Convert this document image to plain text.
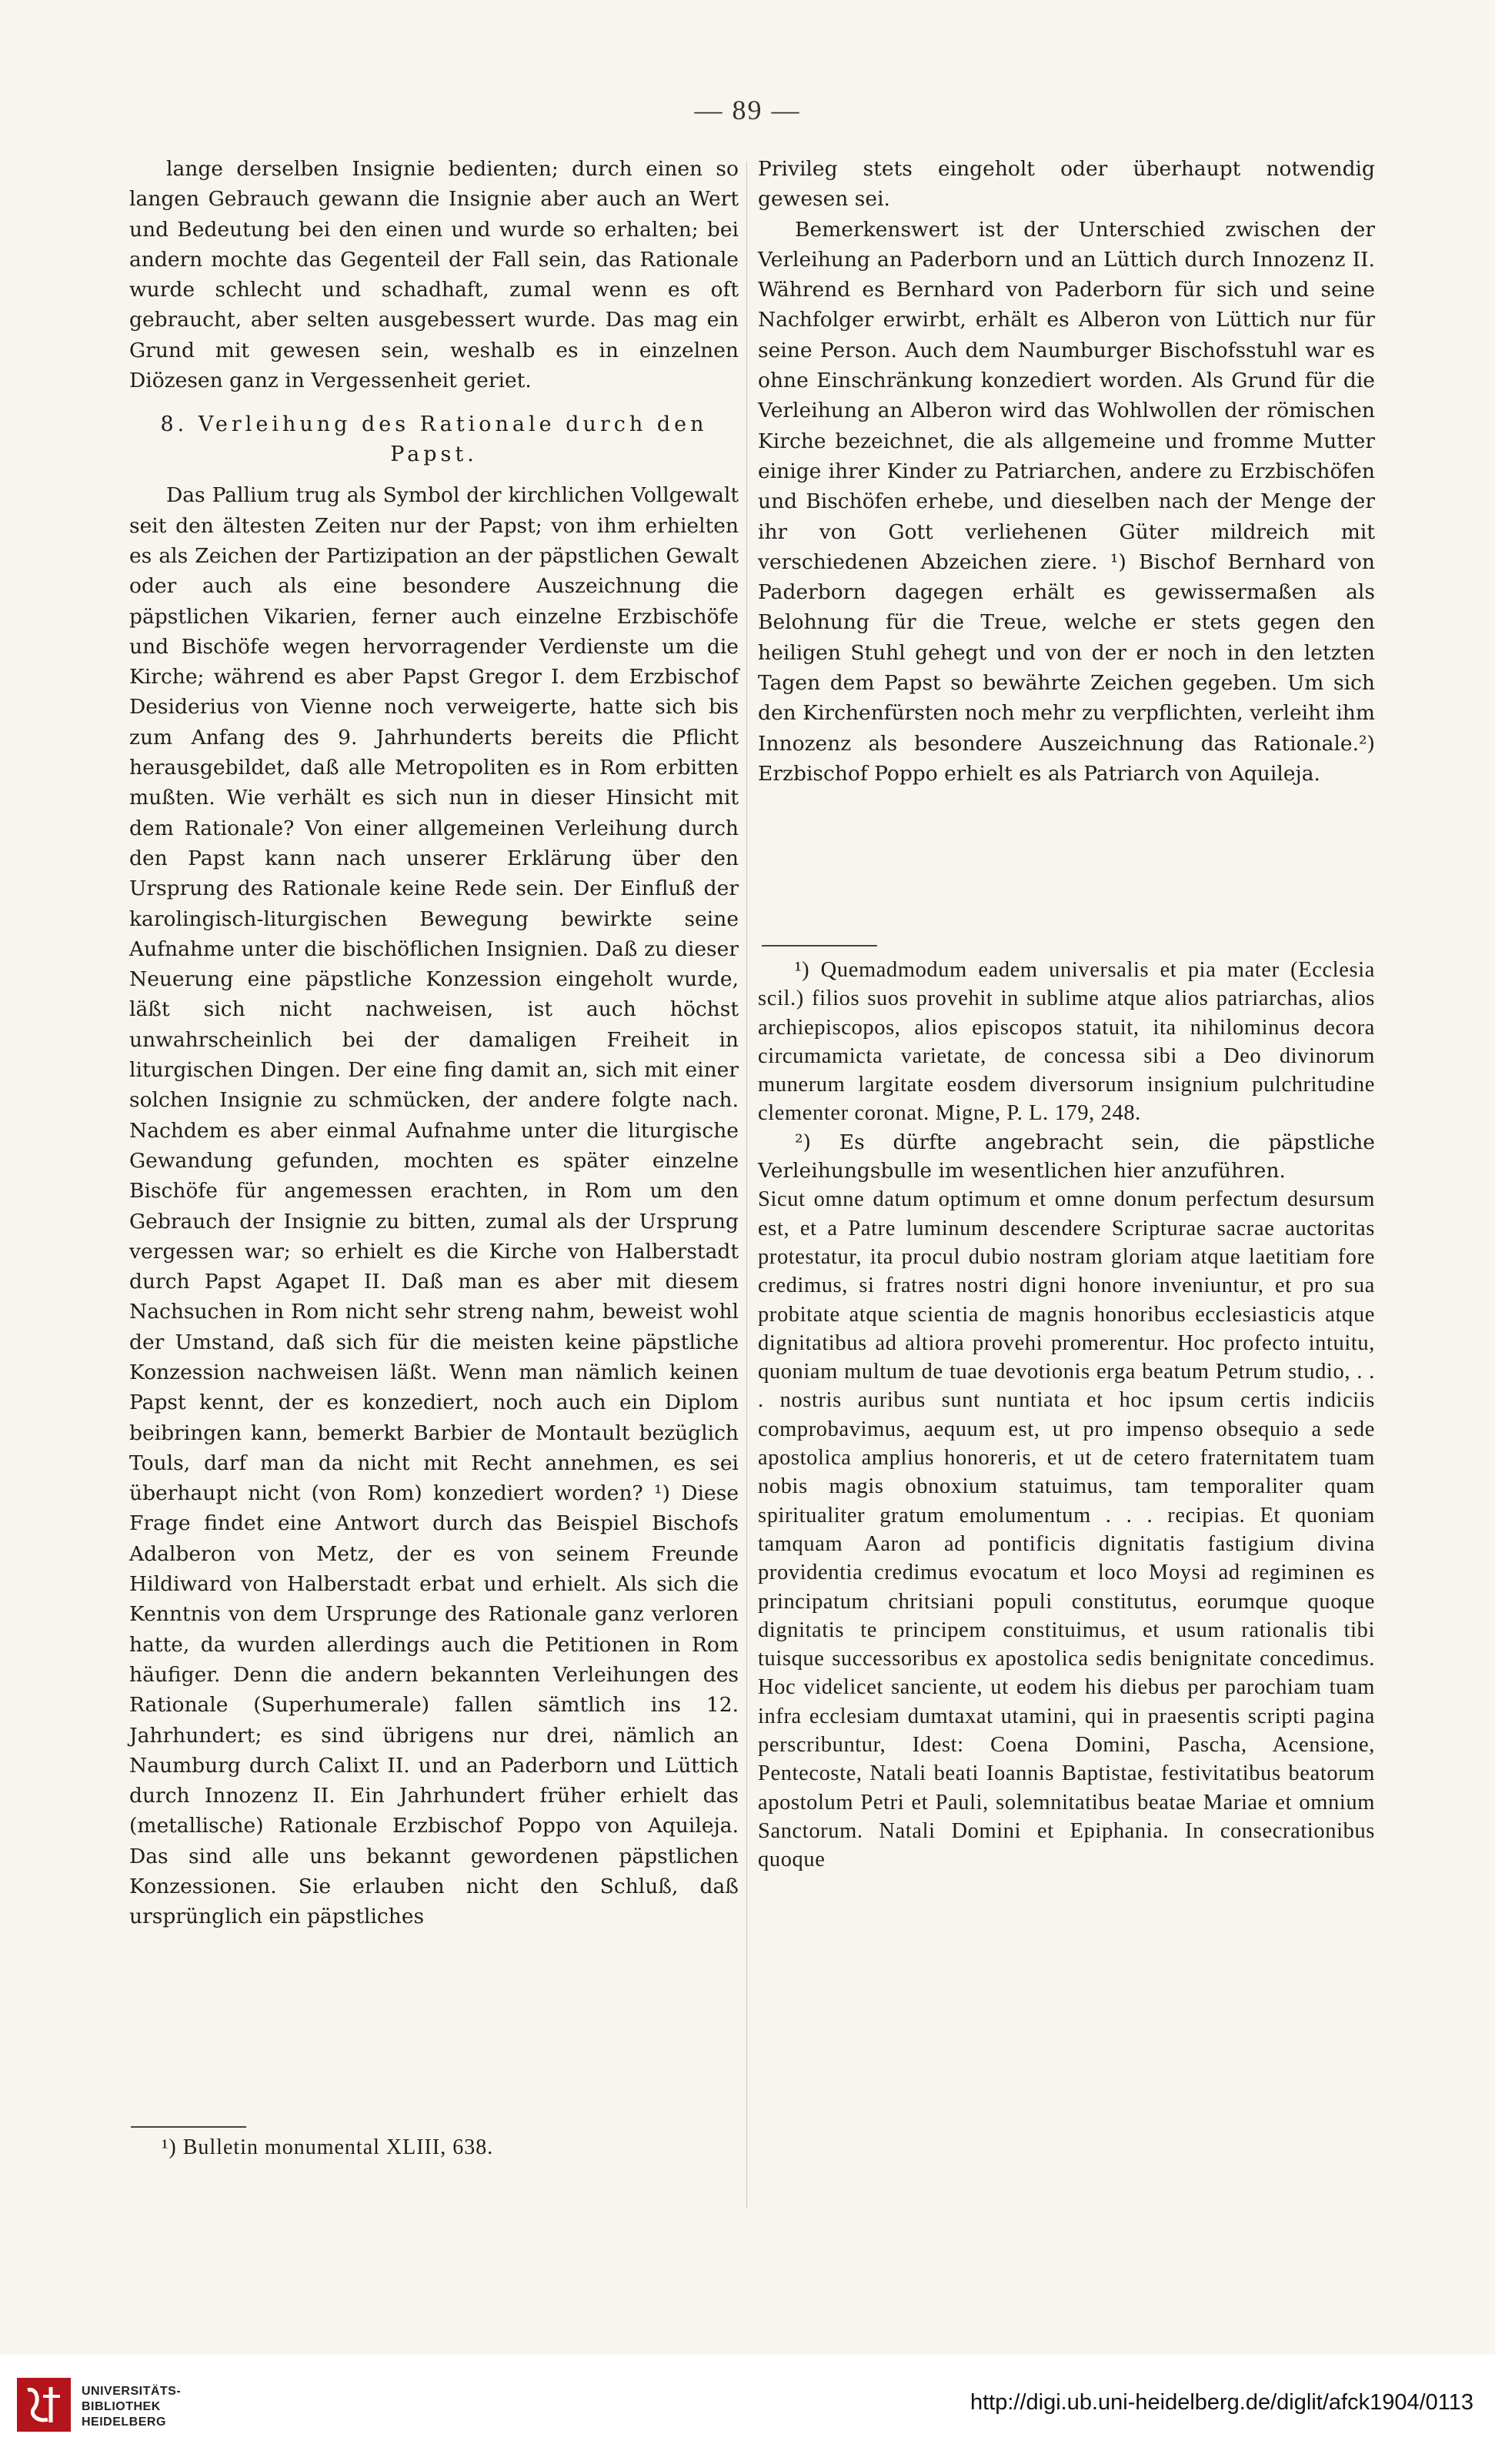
— 89 —

lange derselben Insignie bedienten; durch einen so langen Gebrauch gewann die Insignie aber auch an Wert und Bedeutung bei den einen und wurde so erhalten; bei andern mochte das Gegenteil der Fall sein, das Rationale wurde schlecht und schadhaft, zumal wenn es oft gebraucht, aber selten ausgebessert wurde. Das mag ein Grund mit gewesen sein, weshalb es in einzelnen Diözesen ganz in Vergessenheit geriet.

8. Verleihung des Rationale durch den Papst.

Das Pallium trug als Symbol der kirchlichen Vollgewalt seit den ältesten Zeiten nur der Papst; von ihm erhielten es als Zeichen der Partizipation an der päpstlichen Gewalt oder auch als eine besondere Auszeichnung die päpstlichen Vikarien, ferner auch einzelne Erzbischöfe und Bischöfe wegen hervorragender Verdienste um die Kirche; während es aber Papst Gregor I. dem Erzbischof Desiderius von Vienne noch verweigerte, hatte sich bis zum Anfang des 9. Jahrhunderts bereits die Pflicht herausgebildet, daß alle Metropoliten es in Rom erbitten mußten. Wie verhält es sich nun in dieser Hinsicht mit dem Rationale? Von einer allgemeinen Verleihung durch den Papst kann nach unserer Erklärung über den Ursprung des Rationale keine Rede sein. Der Einfluß der karolingisch-liturgischen Bewegung bewirkte seine Aufnahme unter die bischöflichen Insignien. Daß zu dieser Neuerung eine päpstliche Konzession eingeholt wurde, läßt sich nicht nachweisen, ist auch höchst unwahrscheinlich bei der damaligen Freiheit in liturgischen Dingen. Der eine fing damit an, sich mit einer solchen Insignie zu schmücken, der andere folgte nach. Nachdem es aber einmal Aufnahme unter die liturgische Gewandung gefunden, mochten es später einzelne Bischöfe für angemessen erachten, in Rom um den Gebrauch der Insignie zu bitten, zumal als der Ursprung vergessen war; so erhielt es die Kirche von Halberstadt durch Papst Agapet II. Daß man es aber mit diesem Nachsuchen in Rom nicht sehr streng nahm, beweist wohl der Umstand, daß sich für die meisten keine päpstliche Konzession nachweisen läßt. Wenn man nämlich keinen Papst kennt, der es konzediert, noch auch ein Diplom beibringen kann, bemerkt Barbier de Montault bezüglich Touls, darf man da nicht mit Recht annehmen, es sei überhaupt nicht (von Rom) konzediert worden? ¹) Diese Frage findet eine Antwort durch das Beispiel Bischofs Adalberon von Metz, der es von seinem Freunde Hildiward von Halberstadt erbat und erhielt. Als sich die Kenntnis von dem Ursprunge des Rationale ganz verloren hatte, da wurden allerdings auch die Petitionen in Rom häufiger. Denn die andern bekannten Verleihungen des Rationale (Superhumerale) fallen sämtlich ins 12. Jahrhundert; es sind übrigens nur drei, nämlich an Naumburg durch Calixt II. und an Paderborn und Lüttich durch Innozenz II. Ein Jahrhundert früher erhielt das (metallische) Rationale Erzbischof Poppo von Aquileja. Das sind alle uns bekannt gewordenen päpstlichen Konzessionen. Sie erlauben nicht den Schluß, daß ursprünglich ein päpstliches

¹) Bulletin monumental XLIII, 638.

Privileg stets eingeholt oder überhaupt notwendig gewesen sei.

Bemerkenswert ist der Unterschied zwischen der Verleihung an Paderborn und an Lüttich durch Innozenz II. Während es Bernhard von Paderborn für sich und seine Nachfolger erwirbt, erhält es Alberon von Lüttich nur für seine Person. Auch dem Naumburger Bischofsstuhl war es ohne Einschränkung konzediert worden. Als Grund für die Verleihung an Alberon wird das Wohlwollen der römischen Kirche bezeichnet, die als allgemeine und fromme Mutter einige ihrer Kinder zu Patriarchen, andere zu Erzbischöfen und Bischöfen erhebe, und dieselben nach der Menge der ihr von Gott verliehenen Güter mildreich mit verschiedenen Abzeichen ziere. ¹) Bischof Bernhard von Paderborn dagegen erhält es gewissermaßen als Belohnung für die Treue, welche er stets gegen den heiligen Stuhl gehegt und von der er noch in den letzten Tagen dem Papst so bewährte Zeichen gegeben. Um sich den Kirchenfürsten noch mehr zu verpflichten, verleiht ihm Innozenz als besondere Auszeichnung das Rationale.²) Erzbischof Poppo erhielt es als Patriarch von Aquileja.

¹) Quemadmodum eadem universalis et pia mater (Ecclesia scil.) filios suos provehit in sublime atque alios patriarchas, alios archiepiscopos, alios episcopos statuit, ita nihilominus decora circumamicta varietate, de concessa sibi a Deo divinorum munerum largitate eosdem diversorum insignium pulchritudine clementer coronat. Migne, P. L. 179, 248.

²) Es dürfte angebracht sein, die päpstliche Verleihungsbulle im wesentlichen hier anzuführen.

Sicut omne datum optimum et omne donum perfectum desursum est, et a Patre luminum descendere Scripturae sacrae auctoritas protestatur, ita procul dubio nostram gloriam atque laetitiam fore credimus, si fratres nostri digni honore inveniuntur, et pro sua probitate atque scientia de magnis honoribus ecclesiasticis atque dignitatibus ad altiora provehi promerentur. Hoc profecto intuitu, quoniam multum de tuae devotionis erga beatum Petrum studio, . . . nostris auribus sunt nuntiata et hoc ipsum certis indiciis comprobavimus, aequum est, ut pro impenso obsequio a sede apostolica amplius honoreris, et ut de cetero fraternitatem tuam nobis magis obnoxium statuimus, tam temporaliter quam spiritualiter gratum emolumentum . . . recipias. Et quoniam tamquam Aaron ad pontificis dignitatis fastigium divina providentia credimus evocatum et loco Moysi ad regiminen es principatum chritsiani populi constitutus, eorumque quoque dignitatis te principem constituimus, et usum rationalis tibi tuisque successoribus ex apostolica sedis benignitate concedimus. Hoc videlicet sanciente, ut eodem his diebus per parochiam tuam infra ecclesiam dumtaxat utamini, qui in praesentis scripti pagina perscribuntur, Idest: Coena Domini, Pascha, Acensione, Pentecoste, Natali beati Ioannis Baptistae, festivitatibus beatorum apostolum Petri et Pauli, solemnitatibus beatae Mariae et omnium Sanctorum. Natali Domini et Epiphania. In consecrationibus quoque

UNIVERSITÄTS-
BIBLIOTHEK
HEIDELBERG
http://digi.ub.uni-heidelberg.de/diglit/afck1904/0113
